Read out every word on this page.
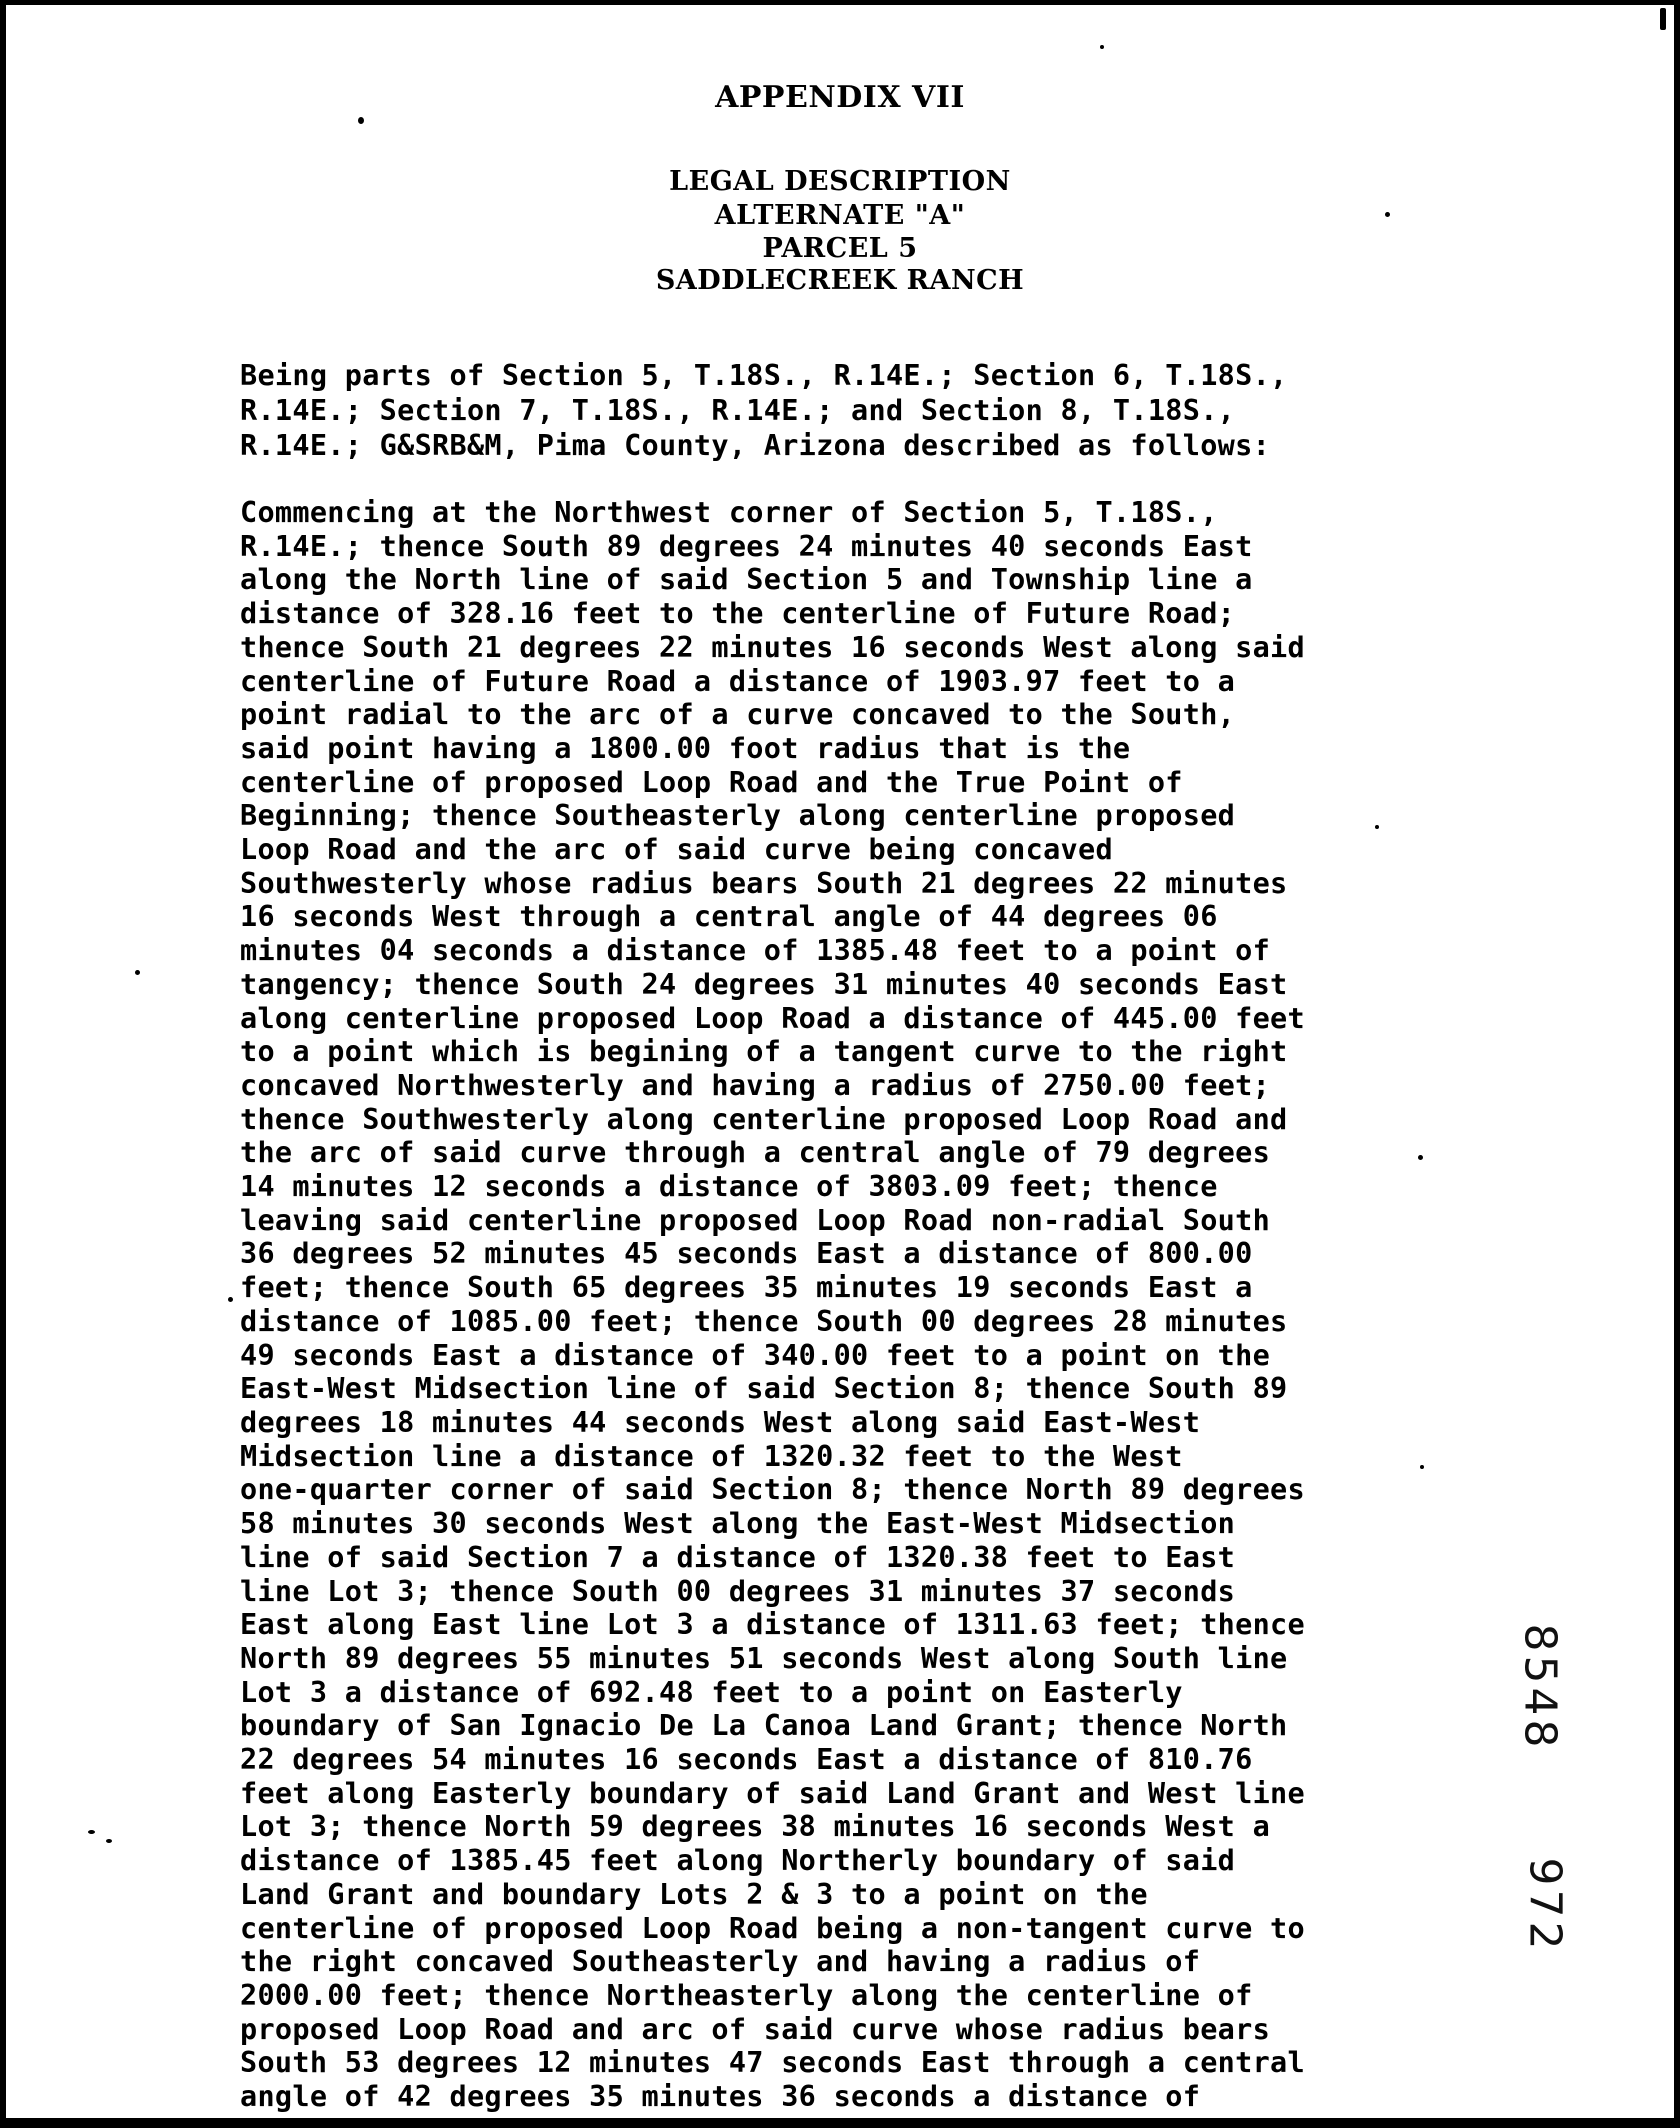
APPENDIX VII
LEGAL DESCRIPTION
ALTERNATE "A"
PARCEL 5
SADDLECREEK RANCH
Being parts of Section 5, T.18S., R.14E.; Section 6, T.18S.,
R.14E.; Section 7, T.18S., R.14E.; and Section 8, T.18S.,
R.14E.; G&SRB&M, Pima County, Arizona described as follows:
Commencing at the Northwest corner of Section 5, T.18S.,
R.14E.; thence South 89 degrees 24 minutes 40 seconds East
along the North line of said Section 5 and Township line a
distance of 328.16 feet to the centerline of Future Road;
thence South 21 degrees 22 minutes 16 seconds West along said
centerline of Future Road a distance of 1903.97 feet to a
point radial to the arc of a curve concaved to the South,
said point having a 1800.00 foot radius that is the
centerline of proposed Loop Road and the True Point of
Beginning; thence Southeasterly along centerline proposed
Loop Road and the arc of said curve being concaved
Southwesterly whose radius bears South 21 degrees 22 minutes
16 seconds West through a central angle of 44 degrees 06
minutes 04 seconds a distance of 1385.48 feet to a point of
tangency; thence South 24 degrees 31 minutes 40 seconds East
along centerline proposed Loop Road a distance of 445.00 feet
to a point which is begining of a tangent curve to the right
concaved Northwesterly and having a radius of 2750.00 feet;
thence Southwesterly along centerline proposed Loop Road and
the arc of said curve through a central angle of 79 degrees
14 minutes 12 seconds a distance of 3803.09 feet; thence
leaving said centerline proposed Loop Road non-radial South
36 degrees 52 minutes 45 seconds East a distance of 800.00
feet; thence South 65 degrees 35 minutes 19 seconds East a
distance of 1085.00 feet; thence South 00 degrees 28 minutes
49 seconds East a distance of 340.00 feet to a point on the
East-West Midsection line of said Section 8; thence South 89
degrees 18 minutes 44 seconds West along said East-West
Midsection line a distance of 1320.32 feet to the West
one-quarter corner of said Section 8; thence North 89 degrees
58 minutes 30 seconds West along the East-West Midsection
line of said Section 7 a distance of 1320.38 feet to East
line Lot 3; thence South 00 degrees 31 minutes 37 seconds
East along East line Lot 3 a distance of 1311.63 feet; thence
North 89 degrees 55 minutes 51 seconds West along South line
Lot 3 a distance of 692.48 feet to a point on Easterly
boundary of San Ignacio De La Canoa Land Grant; thence North
22 degrees 54 minutes 16 seconds East a distance of 810.76
feet along Easterly boundary of said Land Grant and West line
Lot 3; thence North 59 degrees 38 minutes 16 seconds West a
distance of 1385.45 feet along Northerly boundary of said
Land Grant and boundary Lots 2 & 3 to a point on the
centerline of proposed Loop Road being a non-tangent curve to
the right concaved Southeasterly and having a radius of
2000.00 feet; thence Northeasterly along the centerline of
proposed Loop Road and arc of said curve whose radius bears
South 53 degrees 12 minutes 47 seconds East through a central
angle of 42 degrees 35 minutes 36 seconds a distance of
8548
972
